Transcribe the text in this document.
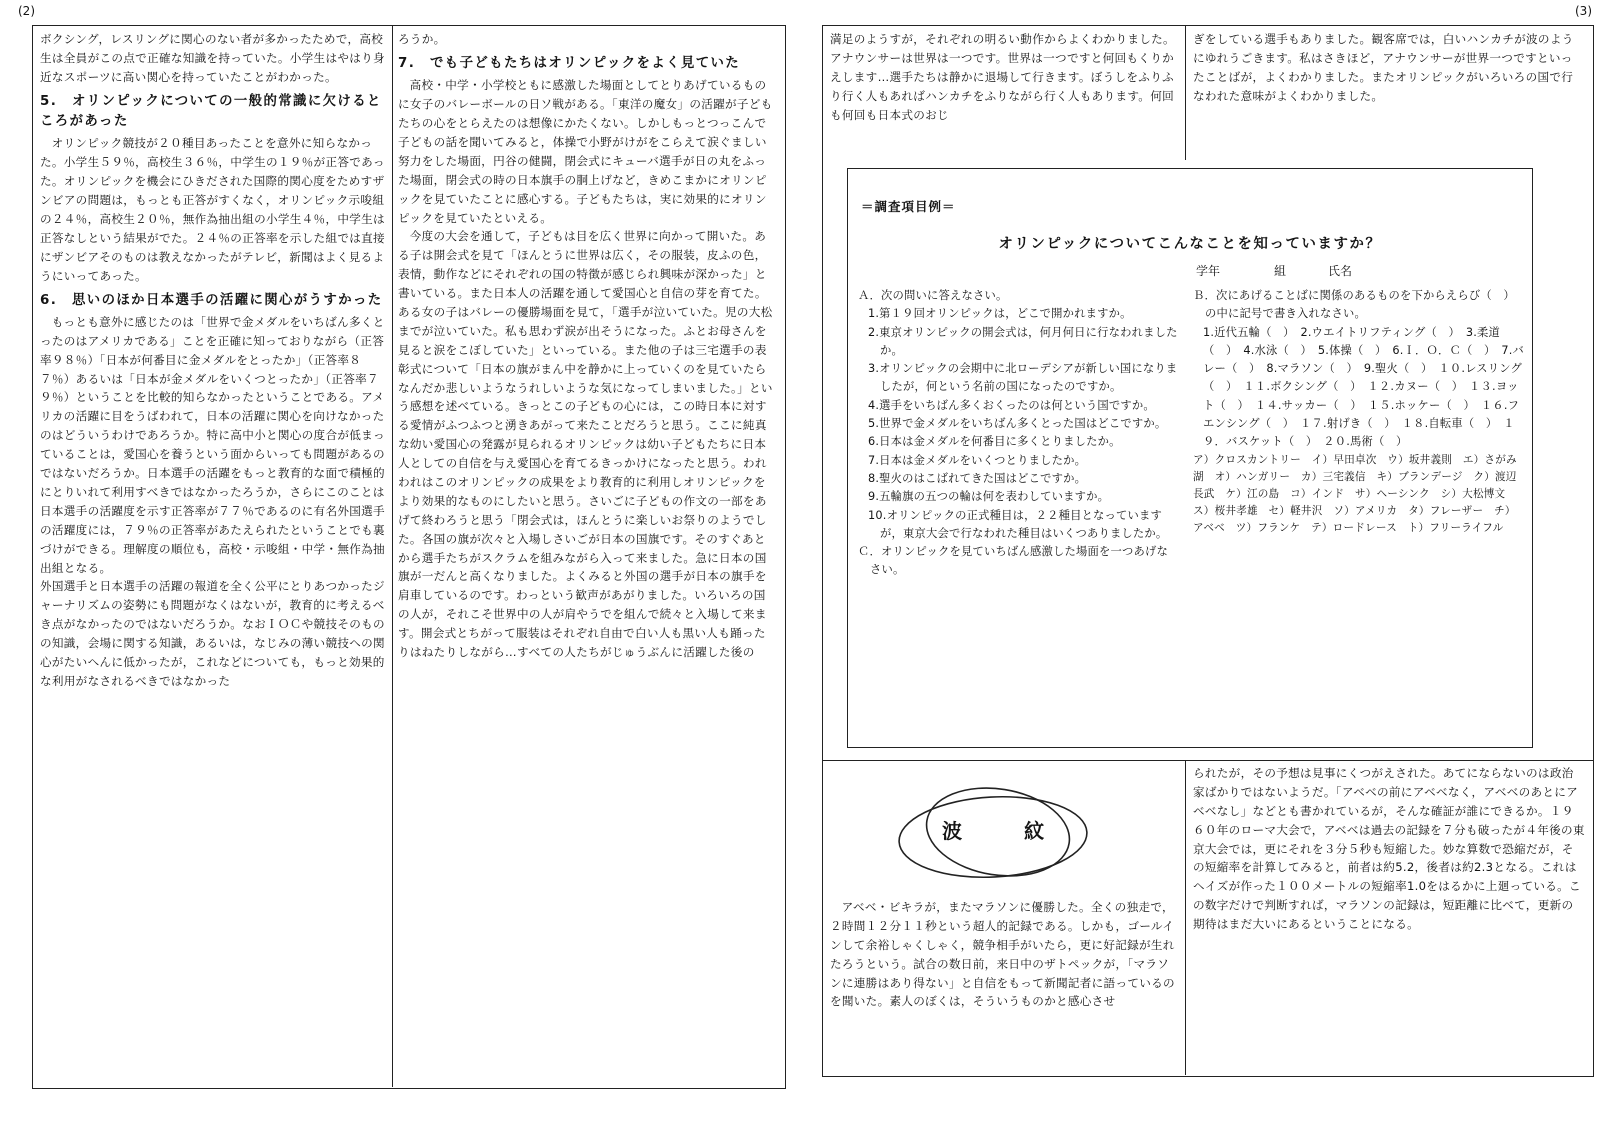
(2)

ボクシング，レスリングに関心のない者が多かったためで，高校生は全員がこの点で正確な知識を持っていた。小学生はやはり身近なスポーツに高い関心を持っていたことがわかった。

5.　オリンピックについての一般的常識に欠けるところがあった

オリンピック競技が２０種目あったことを意外に知らなかった。小学生５９％，高校生３６％，中学生の１９％が正答であった。オリンピックを機会にひきだされた国際的関心度をためすザンビアの問題は，もっとも正答がすくなく，オリンピック示唆組の２４％，高校生２０％，無作為抽出組の小学生４％，中学生は正答なしという結果がでた。２４％の正答率を示した組では直接にザンビアそのものは教えなかったがテレビ，新聞はよく見るようにいってあった。

6.　思いのほか日本選手の活躍に関心がうすかった

もっとも意外に感じたのは「世界で金メダルをいちばん多くとったのはアメリカである」ことを正確に知っておりながら（正答率９８％）「日本が何番目に金メダルをとったか」（正答率８７％）あるいは「日本が金メダルをいくつとったか」（正答率７９％）ということを比較的知らなかったということである。アメリカの活躍に目をうばわれて，日本の活躍に関心を向けなかったのはどういうわけであろうか。特に高中小と関心の度合が低まっていることは，愛国心を養うという面からいっても問題があるのではないだろうか。日本選手の活躍をもっと教育的な面で積極的にとりいれて利用すべきではなかったろうか，さらにこのことは　日本選手の活躍度を示す正答率が７７％であるのに有名外国選手の活躍度には，７９％の正答率があたえられたということでも裏づけができる。理解度の順位も，高校・示唆組・中学・無作為抽出組となる。

外国選手と日本選手の活躍の報道を全く公平にとりあつかったジャーナリズムの姿勢にも問題がなくはないが，教育的に考えるべき点がなかったのではないだろうか。なおＩＯＣや競技そのものの知識，会場に関する知識，あるいは，なじみの薄い競技への関心がたいへんに低かったが，これなどについても，もっと効果的な利用がなされるべきではなかった

ろうか。

7.　でも子どもたちはオリンピックをよく見ていた

高校・中学・小学校ともに感激した場面としてとりあげているものに女子のバレーボールの日ソ戦がある。「東洋の魔女」の活躍が子どもたちの心をとらえたのは想像にかたくない。しかしもっとつっこんで子どもの話を聞いてみると，体操で小野がけがをこらえて涙ぐましい努力をした場面，円谷の健闘，閉会式にキューバ選手が日の丸をふった場面，閉会式の時の日本旗手の胴上げなど，きめこまかにオリンピックを見ていたことに感心する。子どもたちは，実に効果的にオリンピックを見ていたといえる。

今度の大会を通して，子どもは目を広く世界に向かって開いた。ある子は開会式を見て「ほんとうに世界は広く，その服装，皮ふの色，表情，動作などにそれぞれの国の特徴が感じられ興味が深かった」と書いている。また日本人の活躍を通して愛国心と自信の芽を育てた。ある女の子はバレーの優勝場面を見て，「選手が泣いていた。児の大松までが泣いていた。私も思わず涙が出そうになった。ふとお母さんを見ると涙をこぼしていた」といっている。また他の子は三宅選手の表彰式について「日本の旗がまん中を静かに上っていくのを見ていたらなんだか悲しいようなうれしいような気になってしまいました。」という感想を述べている。きっとこの子どもの心には，この時日本に対する愛情がふつふつと湧きあがって来たことだろうと思う。ここに純真な幼い愛国心の発露が見られるオリンピックは幼い子どもたちに日本人としての自信を与え愛国心を育てるきっかけになったと思う。われわれはこのオリンピックの成果をより教育的に利用しオリンピックをより効果的なものにしたいと思う。さいごに子どもの作文の一部をあげて終わろうと思う「閉会式は，ほんとうに楽しいお祭りのようでした。各国の旗が次々と入場しさいごが日本の国旗です。そのすぐあとから選手たちがスクラムを組みながら入って来ました。急に日本の国旗が一だんと高くなりました。よくみると外国の選手が日本の旗手を肩車しているのです。わっという歓声があがりました。いろいろの国の人が，それこそ世界中の人が肩やうでを組んで続々と入場して来ます。開会式とちがって服装はそれぞれ自由で白い人も黒い人も踊ったりはねたりしながら…すべての人たちがじゅうぶんに活躍した後の

(3)

満足のようすが，それぞれの明るい動作からよくわかりました。アナウンサーは世界は一つです。世界は一つですと何回もくりかえします…選手たちは静かに退場して行きます。ぼうしをふりふり行く人もあればハンカチをふりながら行く人もあります。何回も何回も日本式のおじ

ぎをしている選手もありました。観客席では，白いハンカチが波のようにゆれうごきます。私はさきほど，アナウンサーが世界一つですといったことばが，よくわかりました。またオリンピックがいろいろの国で行なわれた意味がよくわかりました。

＝調査項目例＝
オリンピックについてこんなことを知っていますか？
学年	組	氏名

Ａ．次の問いに答えなさい。

1.第１９回オリンピックは，どこで開かれますか。

2.東京オリンピックの開会式は，何月何日に行なわれましたか。

3.オリンピックの会期中に北ローデシアが新しい国になりましたが，何という名前の国になったのですか。

4.選手をいちばん多くおくったのは何という国ですか。

5.世界で金メダルをいちばん多くとった国はどこですか。

6.日本は金メダルを何番目に多くとりましたか。

7.日本は金メダルをいくつとりましたか。

8.聖火のはこばれてきた国はどこですか。

9.五輪旗の五つの輪は何を表わしていますか。

10.オリンピックの正式種目は，２２種目となっていますが，東京大会で行なわれた種目はいくつありましたか。

Ｃ．オリンピックを見ていちばん感激した場面を一つあげなさい。

Ｂ．次にあげることばに関係のあるものを下からえらび（　）の中に記号で書き入れなさい。

1.近代五輪（　）　2.ウエイトリフティング（　）　3.柔道（　）　4.水泳（　）　5.体操（　）　6.Ｉ．Ｏ．Ｃ（　）　7.バレー（　）　8.マラソン（　）　9.聖火（　）　１０.レスリング（　）　１１.ボクシング（　）　１２.カヌー（　）　１３.ヨット（　）　１４.サッカー（　）　１５.ホッケー（　）　１６.フエンシング（　）　１７.射げき（　）　１８.自転車（　）　１９．バスケット（　）　２０.馬術（　）

ア）クロスカントリー　イ）早田卓次　ウ）坂井義則　エ）さがみ湖　オ）ハンガリー　カ）三宅義信　キ）ブランデージ　ク）渡辺長武　ケ）江の島　コ）インド　サ）ヘーシンク　シ）大松博文　ス）桜井孝雄　セ）軽井沢　ソ）アメリカ　タ）フレーザー　チ）アベベ　ツ）フランケ　テ）ロードレース　ト）フリーライフル

波	紋

アベベ・ビキラが，またマラソンに優勝した。全くの独走で，２時間１２分１１秒という超人的記録である。しかも，ゴールインして余裕しゃくしゃく，競争相手がいたら，更に好記録が生れたろうという。試合の数日前，来日中のザトペックが，「マラソンに連勝はあり得ない」と自信をもって新聞記者に語っているのを聞いた。素人のぼくは，そういうものかと感心させ

られたが，その予想は見事にくつがえされた。あてにならないのは政治家ばかりではないようだ。「アベベの前にアベベなく，アベベのあとにアベベなし」などとも書かれているが，そんな確証が誰にできるか。１９６０年のローマ大会で，アベベは過去の記録を７分も破ったが４年後の東京大会では，更にそれを３分５秒も短縮した。妙な算数で恐縮だが，その短縮率を計算してみると，前者は約5.2，後者は約2.3となる。これはヘイズが作った１００メートルの短縮率1.0をはるかに上廻っている。この数字だけで判断すれば，マラソンの記録は，短距離に比べて，更新の期待はまだ大いにあるということになる。
